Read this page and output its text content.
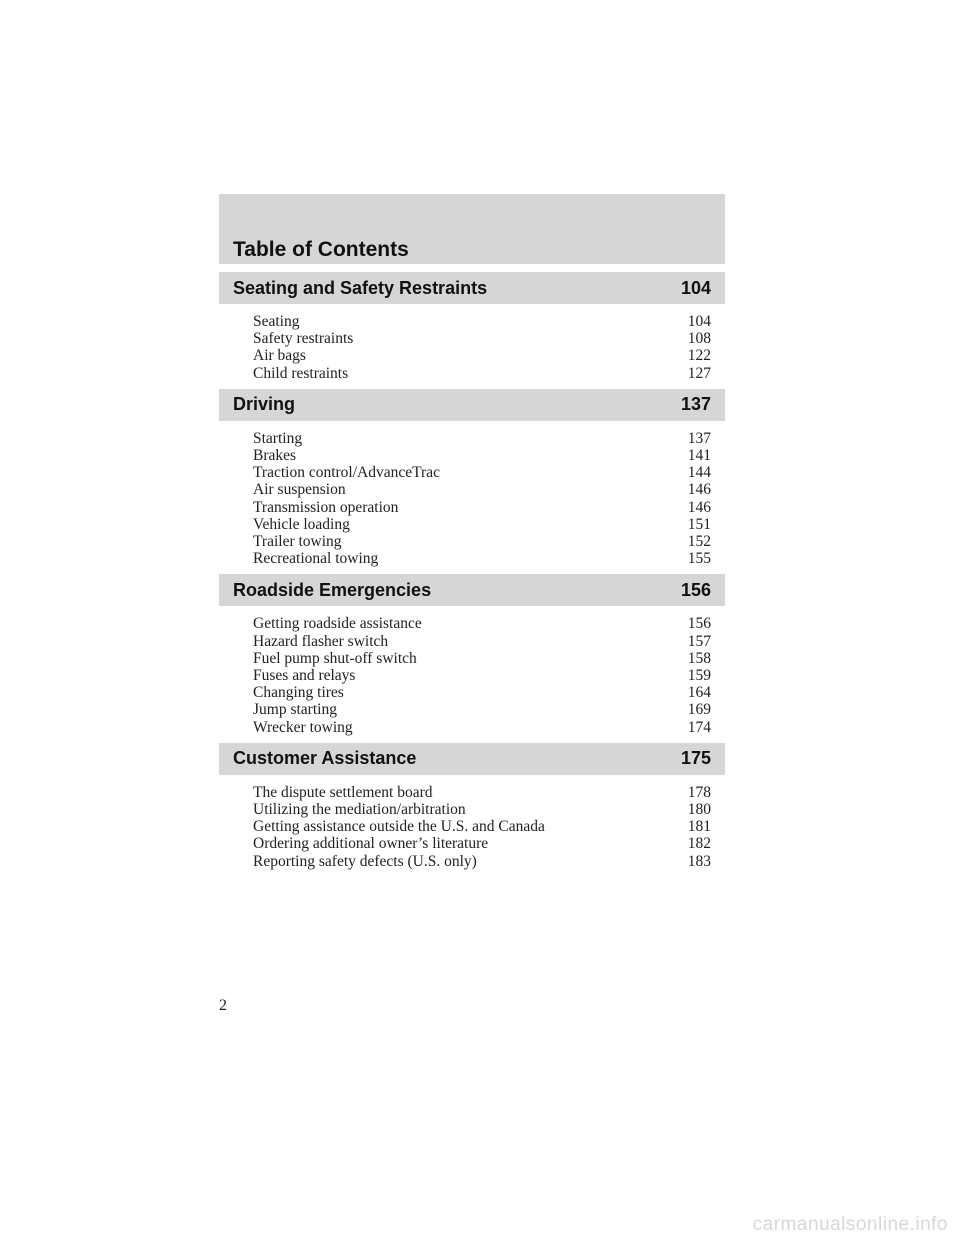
Table of Contents
Seating and Safety Restraints	104
Seating	104
Safety restraints	108
Air bags	122
Child restraints	127
Driving	137
Starting	137
Brakes	141
Traction control/AdvanceTrac	144
Air suspension	146
Transmission operation	146
Vehicle loading	151
Trailer towing	152
Recreational towing	155
Roadside Emergencies	156
Getting roadside assistance	156
Hazard flasher switch	157
Fuel pump shut-off switch	158
Fuses and relays	159
Changing tires	164
Jump starting	169
Wrecker towing	174
Customer Assistance	175
The dispute settlement board	178
Utilizing the mediation/arbitration	180
Getting assistance outside the U.S. and Canada	181
Ordering additional owner’s literature	182
Reporting safety defects (U.S. only)	183
2
carmanualsonline.info
